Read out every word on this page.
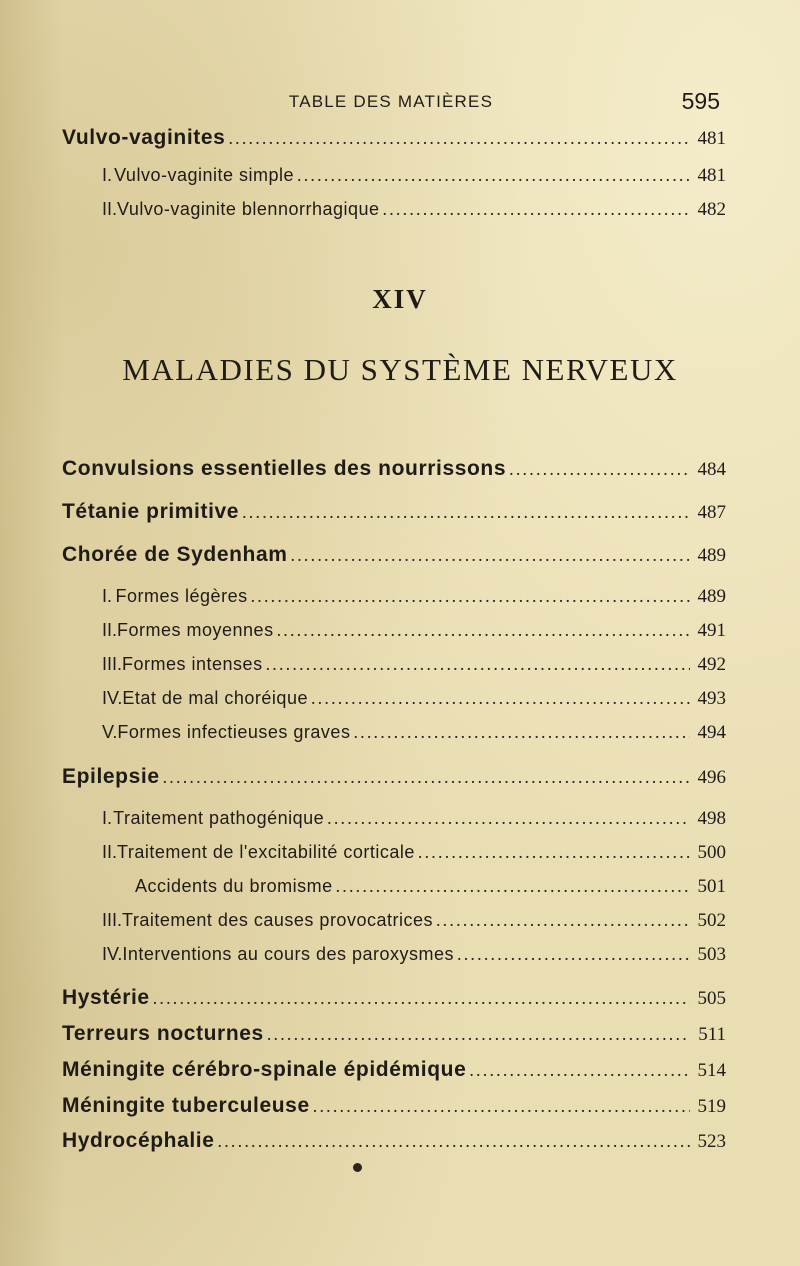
TABLE DES MATIÈRES	595
Vulvo-vaginites .....	481
I. Vulvo-vaginite simple .....	481
II. Vulvo-vaginite blennorrhagique .....	482
XIV
MALADIES DU SYSTÈME NERVEUX
Convulsions essentielles des nourrissons .....	484
Tétanie primitive .....	487
Chorée de Sydenham .....	489
I. Formes légères .....	489
II. Formes moyennes .....	491
III. Formes intenses .....	492
IV. Etat de mal choréique .....	493
V. Formes infectieuses graves .....	494
Epilepsie .....	496
I. Traitement pathogénique .....	498
II. Traitement de l'excitabilité corticale .....	500
Accidents du bromisme .....	501
III. Traitement des causes provocatrices .....	502
IV. Interventions au cours des paroxysmes .....	503
Hystérie .....	505
Terreurs nocturnes .....	511
Méningite cérébro-spinale épidémique .....	514
Méningite tuberculeuse .....	519
Hydrocéphalie .....	523
